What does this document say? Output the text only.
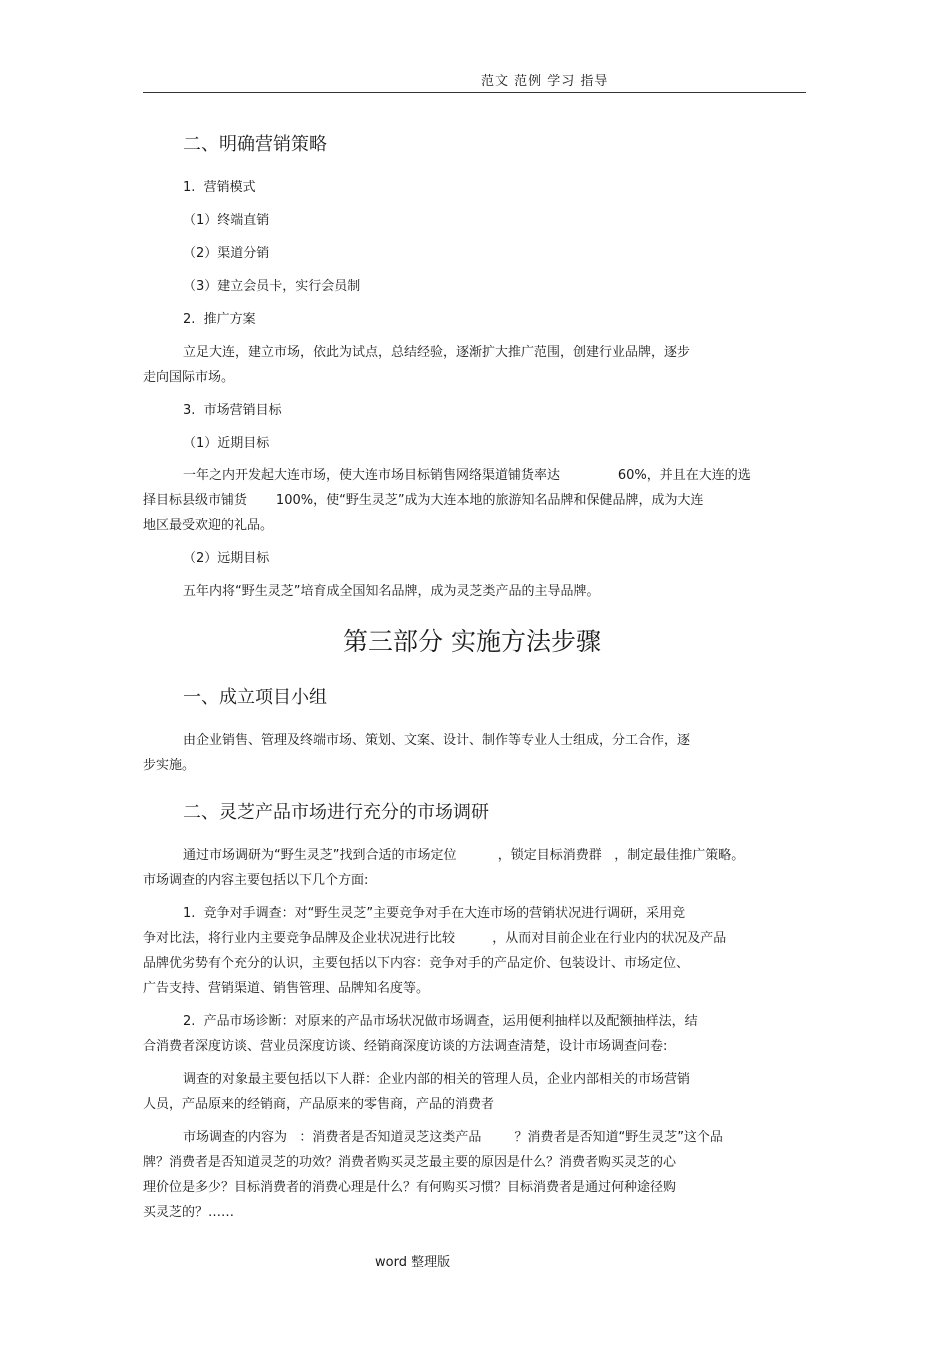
范文 范例 学习 指导
二、明确营销策略
1.  营销模式
（1）终端直销
（2）渠道分销
（3）建立会员卡，实行会员制
2.  推广方案
立足大连，建立市场，依此为试点，总结经验，逐渐扩大推广范围，创建行业品牌，逐步
走向国际市场。
3.  市场营销目标
（1）近期目标
一年之内开发起大连市场，使大连市场目标销售网络渠道铺货率达              60%，并且在大连的选
择目标县级市铺货       100%，使“野生灵芝”成为大连本地的旅游知名品牌和保健品牌，成为大连
地区最受欢迎的礼品。
（2）远期目标
五年内将“野生灵芝”培育成全国知名品牌，成为灵芝类产品的主导品牌。
第三部分 实施方法步骤
一、成立项目小组
由企业销售、管理及终端市场、策划、文案、设计、制作等专业人士组成，分工合作，逐
步实施。
二、灵芝产品市场进行充分的市场调研
通过市场调研为“野生灵芝”找到合适的市场定位          ，锁定目标消费群   ，制定最佳推广策略。
市场调查的内容主要包括以下几个方面:
1.  竞争对手调查：对“野生灵芝”主要竞争对手在大连市场的营销状况进行调研，采用竞
争对比法，将行业内主要竞争品牌及企业状况进行比较         ，从而对目前企业在行业内的状况及产品
品牌优劣势有个充分的认识，主要包括以下内容：竞争对手的产品定价、包装设计、市场定位、
广告支持、营销渠道、销售管理、品牌知名度等。
2.  产品市场诊断：对原来的产品市场状况做市场调查，运用便利抽样以及配额抽样法，结
合消费者深度访谈、营业员深度访谈、经销商深度访谈的方法调查清楚，设计市场调查问卷:
调查的对象最主要包括以下人群：企业内部的相关的管理人员，企业内部相关的市场营销
人员，产品原来的经销商，产品原来的零售商，产品的消费者
市场调查的内容为   ：消费者是否知道灵芝这类产品        ？消费者是否知道“野生灵芝”这个品
牌？消费者是否知道灵芝的功效？消费者购买灵芝最主要的原因是什么？消费者购买灵芝的心
理价位是多少？目标消费者的消费心理是什么？有何购买习惯？目标消费者是通过何种途径购
买灵芝的？……
word 整理版
